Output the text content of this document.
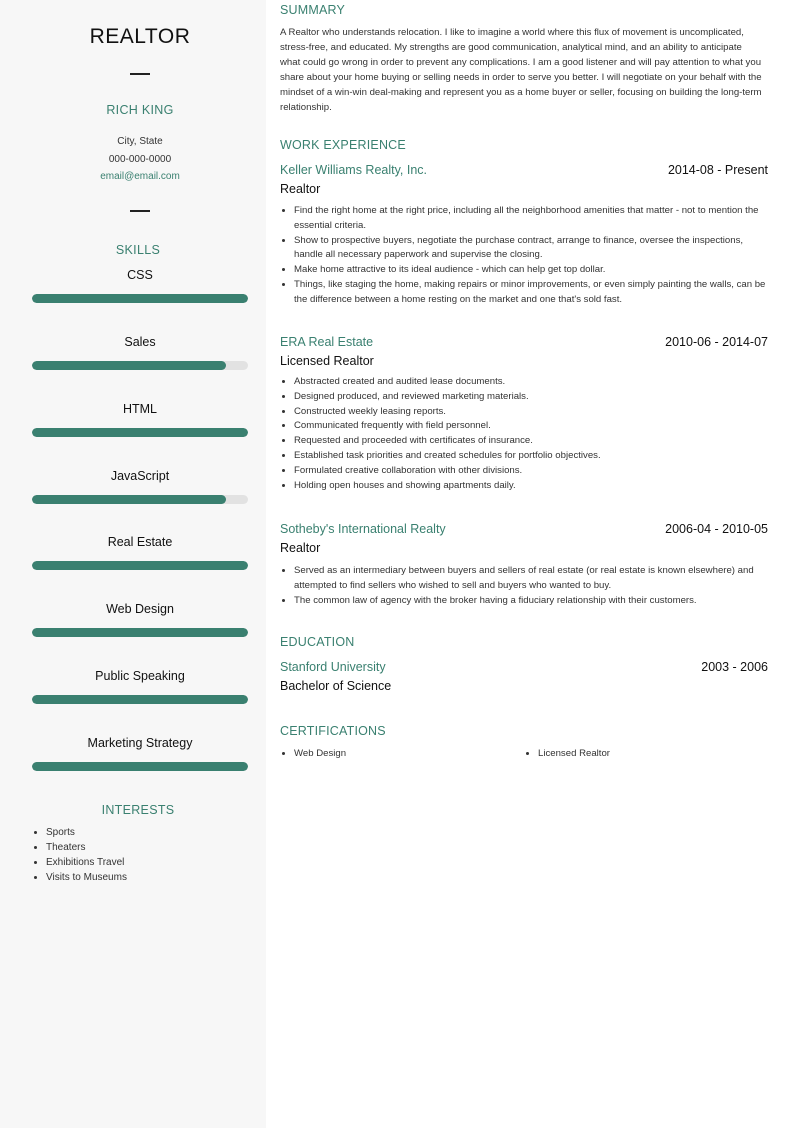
REALTOR
RICH KING
City, State
000-000-0000
email@email.com
SKILLS
CSS
Sales
HTML
JavaScript
Real Estate
Web Design
Public Speaking
Marketing Strategy
INTERESTS
• Sports
• Theaters
• Exhibitions Travel
• Visits to Museums
SUMMARY

A Realtor who understands relocation. I like to imagine a world where this flux of movement is uncomplicated, stress-free, and educated. My strengths are good communication, analytical mind, and an ability to anticipate what could go wrong in order to prevent any complications. I am a good listener and will pay attention to what you share about your home buying or selling needs in order to serve you better. I will negotiate on your behalf with the mindset of a win-win deal-making and represent you as a home buyer or seller, focusing on building the long-term relationship.

WORK EXPERIENCE
Keller Williams Realty, Inc.	2014-08 - Present
Realtor
• Find the right home at the right price, including all the neighborhood amenities that matter - not to mention the essential criteria.
• Show to prospective buyers, negotiate the purchase contract, arrange to finance, oversee the inspections, handle all necessary paperwork and supervise the closing.
• Make home attractive to its ideal audience - which can help get top dollar.
• Things, like staging the home, making repairs or minor improvements, or even simply painting the walls, can be the difference between a home resting on the market and one that's sold fast.
ERA Real Estate	2010-06 - 2014-07
Licensed Realtor
• Abstracted created and audited lease documents.
• Designed produced, and reviewed marketing materials.
• Constructed weekly leasing reports.
• Communicated frequently with field personnel.
• Requested and proceeded with certificates of insurance.
• Established task priorities and created schedules for portfolio objectives.
• Formulated creative collaboration with other divisions.
• Holding open houses and showing apartments daily.
Sotheby's International Realty	2006-04 - 2010-05
Realtor
• Served as an intermediary between buyers and sellers of real estate (or real estate is known elsewhere) and attempted to find sellers who wished to sell and buyers who wanted to buy.
• The common law of agency with the broker having a fiduciary relationship with their customers.
EDUCATION
Stanford University	2003 - 2006
Bachelor of Science
CERTIFICATIONS
• Web Design
•	Licensed Realtor
